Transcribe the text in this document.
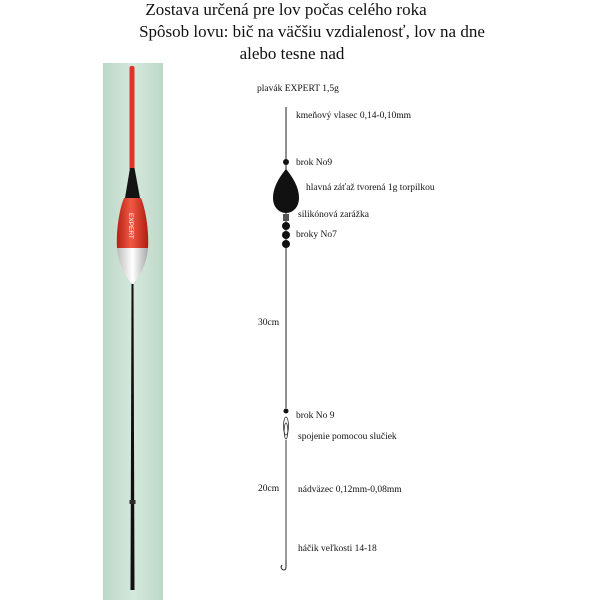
Zostava určená pre lov počas celého roka
Spôsob lovu: bič na väčšiu vzdialenosť, lov na dne
alebo tesne nad
EXPERT
plavák EXPERT 1,5g
kmeňový vlasec 0,14-0,10mm
brok No9
hlavná záťaž tvorená 1g torpilkou
silikónová zarážka
broky No7
30cm
brok No 9
spojenie pomocou slučiek
20cm nádväzec 0,12mm-0,08mm
háčik veľkosti 14-18
